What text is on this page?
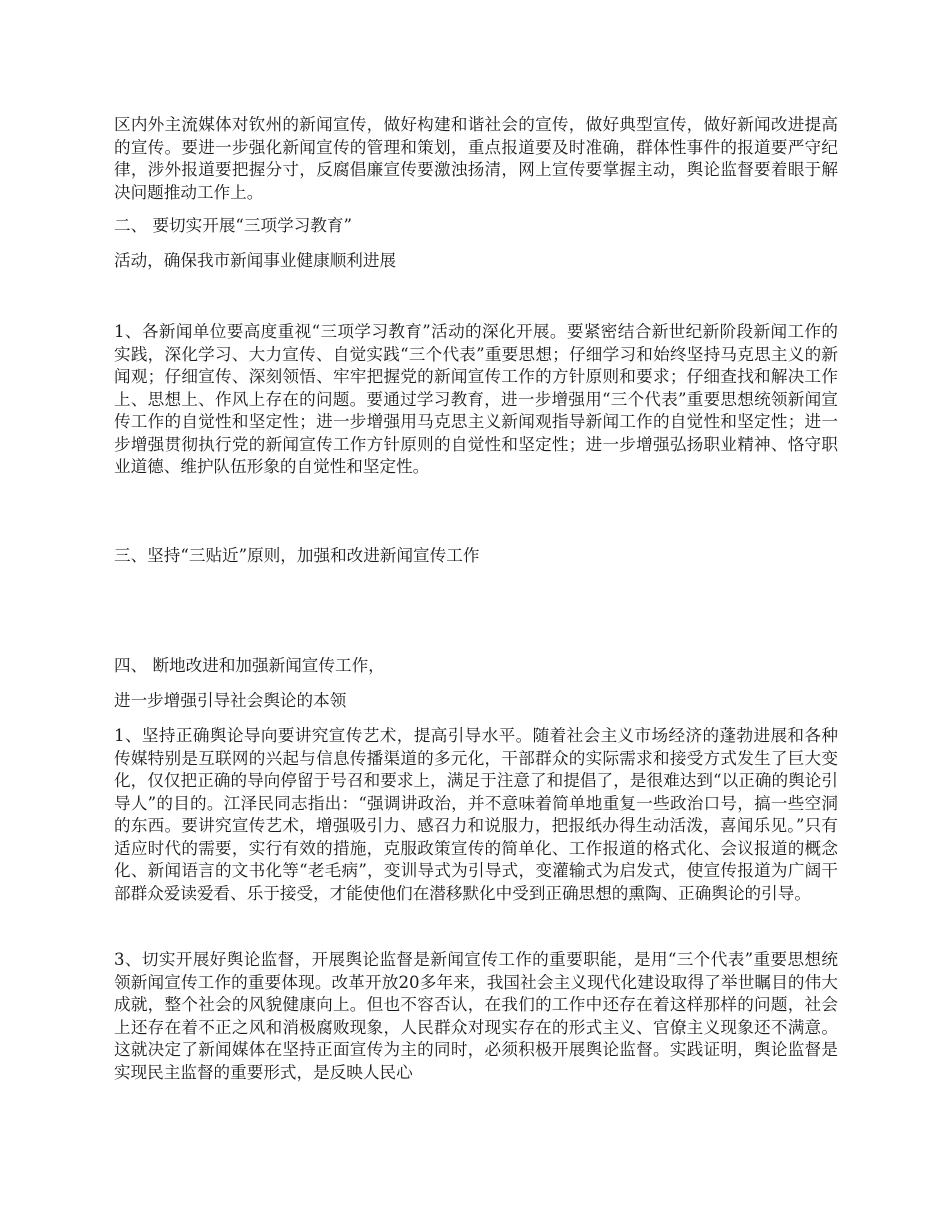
区内外主流媒体对钦州的新闻宣传，做好构建和谐社会的宣传，做好典型宣传，做好新闻改进提高的宣传。要进一步强化新闻宣传的管理和策划，重点报道要及时准确，群体性事件的报道要严守纪律，涉外报道要把握分寸，反腐倡廉宣传要激浊扬清，网上宣传要掌握主动，舆论监督要着眼于解决问题推动工作上。

二、 要切实开展“三项学习教育”

活动，确保我市新闻事业健康顺利进展

1、各新闻单位要高度重视“三项学习教育”活动的深化开展。要紧密结合新世纪新阶段新闻工作的实践，深化学习、大力宣传、自觉实践“三个代表”重要思想；仔细学习和始终坚持马克思主义的新闻观；仔细宣传、深刻领悟、牢牢把握党的新闻宣传工作的方针原则和要求；仔细查找和解决工作上、思想上、作风上存在的问题。要通过学习教育，进一步增强用“三个代表”重要思想统领新闻宣传工作的自觉性和坚定性；进一步增强用马克思主义新闻观指导新闻工作的自觉性和坚定性；进一步增强贯彻执行党的新闻宣传工作方针原则的自觉性和坚定性；进一步增强弘扬职业精神、恪守职业道德、维护队伍形象的自觉性和坚定性。

三、坚持“三贴近”原则，加强和改进新闻宣传工作

四、 断地改进和加强新闻宣传工作，

进一步增强引导社会舆论的本领

1、坚持正确舆论导向要讲究宣传艺术，提高引导水平。随着社会主义市场经济的蓬勃进展和各种传媒特别是互联网的兴起与信息传播渠道的多元化，干部群众的实际需求和接受方式发生了巨大变化，仅仅把正确的导向停留于号召和要求上，满足于注意了和提倡了，是很难达到“以正确的舆论引导人”的目的。江泽民同志指出：“强调讲政治，并不意味着简单地重复一些政治口号，搞一些空洞的东西。要讲究宣传艺术，增强吸引力、感召力和说服力，把报纸办得生动活泼，喜闻乐见。”只有适应时代的需要，实行有效的措施，克服政策宣传的简单化、工作报道的格式化、会议报道的概念化、新闻语言的文书化等“老毛病”，变训导式为引导式，变灌输式为启发式，使宣传报道为广阔干部群众爱读爱看、乐于接受，才能使他们在潜移默化中受到正确思想的熏陶、正确舆论的引导。

3、切实开展好舆论监督，开展舆论监督是新闻宣传工作的重要职能，是用“三个代表”重要思想统领新闻宣传工作的重要体现。改革开放20多年来，我国社会主义现代化建设取得了举世瞩目的伟大成就，整个社会的风貌健康向上。但也不容否认，在我们的工作中还存在着这样那样的问题，社会上还存在着不正之风和消极腐败现象，人民群众对现实存在的形式主义、官僚主义现象还不满意。这就决定了新闻媒体在坚持正面宣传为主的同时，必须积极开展舆论监督。实践证明，舆论监督是实现民主监督的重要形式，是反映人民心
